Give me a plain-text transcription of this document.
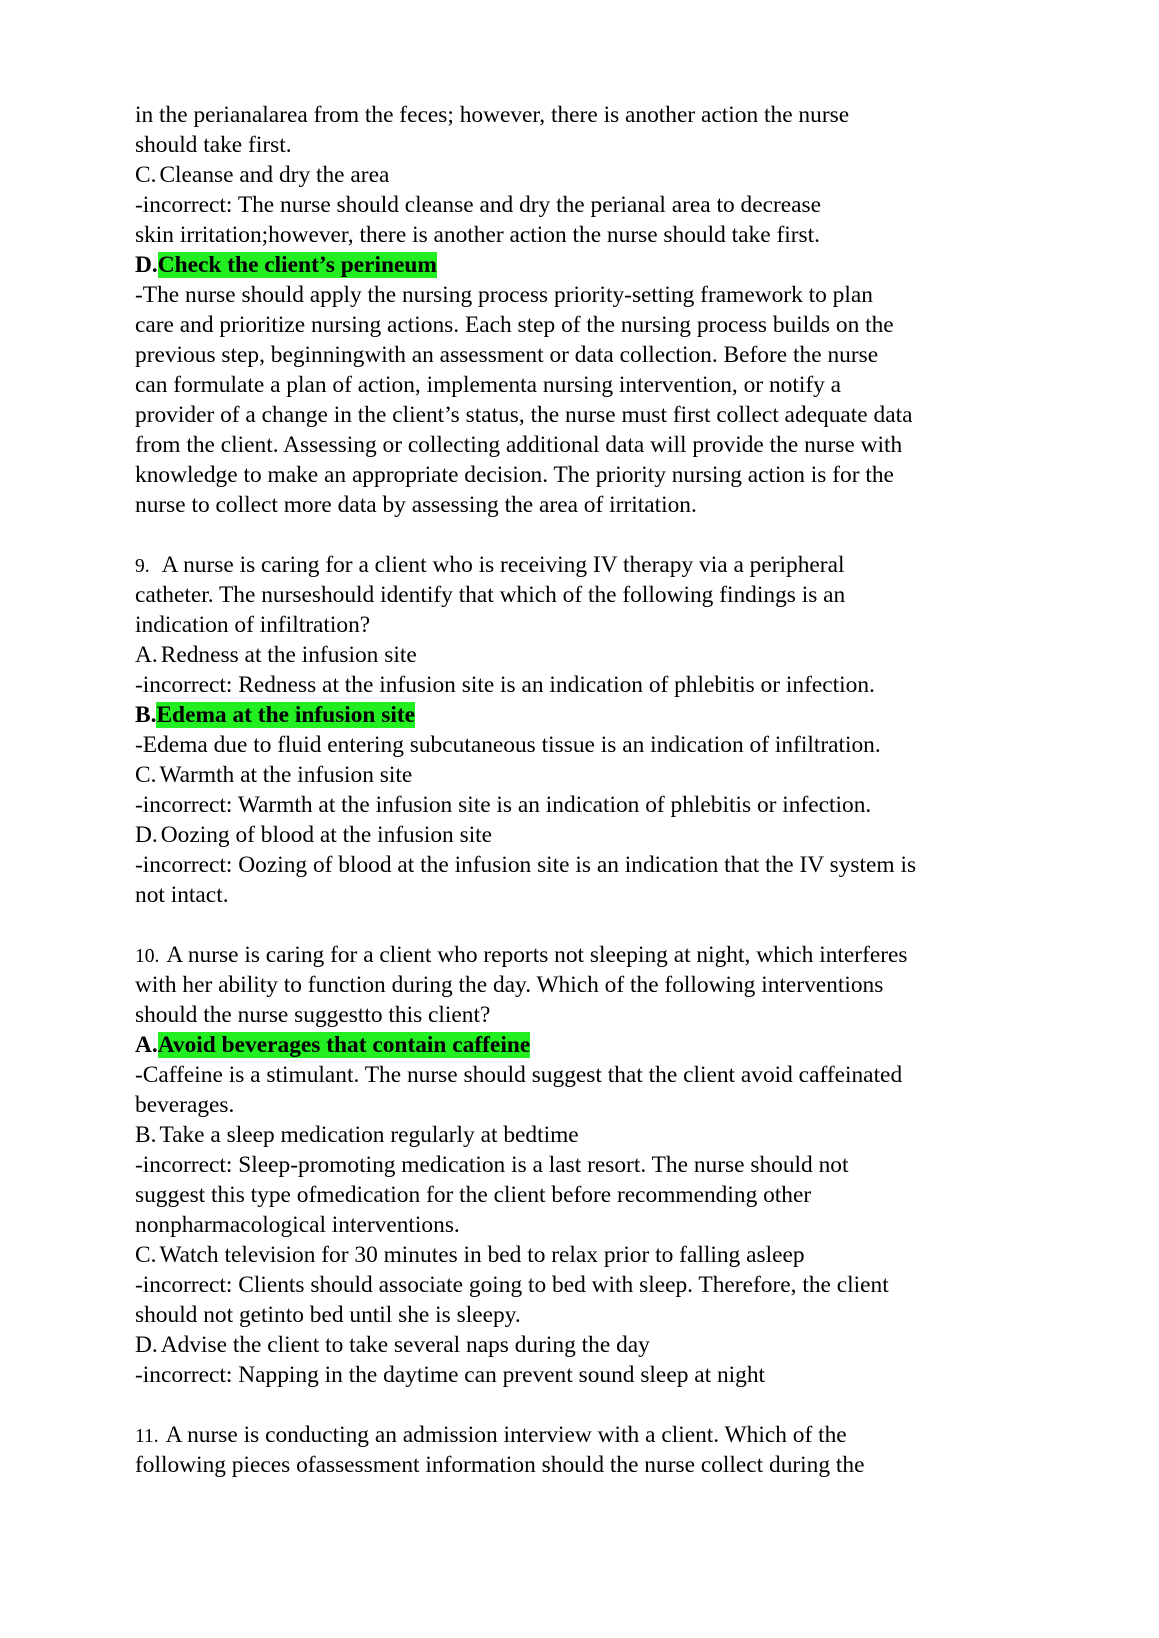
in the perianalarea from the feces; however, there is another action the nurse
should take first.
C. Cleanse and dry the area
-incorrect: The nurse should cleanse and dry the perianal area to decrease
skin irritation;however, there is another action the nurse should take first.
D.Check the client’s perineum
-The nurse should apply the nursing process priority-setting framework to plan
care and prioritize nursing actions. Each step of the nursing process builds on the
previous step, beginningwith an assessment or data collection. Before the nurse
can formulate a plan of action, implementa nursing intervention, or notify a
provider of a change in the client’s status, the nurse must first collect adequate data
from the client. Assessing or collecting additional data will provide the nurse with
knowledge to make an appropriate decision. The priority nursing action is for the
nurse to collect more data by assessing the area of irritation.
9. A nurse is caring for a client who is receiving IV therapy via a peripheral
catheter. The nurseshould identify that which of the following findings is an
indication of infiltration?
A. Redness at the infusion site
-incorrect: Redness at the infusion site is an indication of phlebitis or infection.
B.Edema at the infusion site
-Edema due to fluid entering subcutaneous tissue is an indication of infiltration.
C. Warmth at the infusion site
-incorrect: Warmth at the infusion site is an indication of phlebitis or infection.
D. Oozing of blood at the infusion site
-incorrect: Oozing of blood at the infusion site is an indication that the IV system is
not intact.
10. A nurse is caring for a client who reports not sleeping at night, which interferes
with her ability to function during the day. Which of the following interventions
should the nurse suggestto this client?
A.Avoid beverages that contain caffeine
-Caffeine is a stimulant. The nurse should suggest that the client avoid caffeinated
beverages.
B. Take a sleep medication regularly at bedtime
-incorrect: Sleep-promoting medication is a last resort. The nurse should not
suggest this type ofmedication for the client before recommending other
nonpharmacological interventions.
C. Watch television for 30 minutes in bed to relax prior to falling asleep
-incorrect: Clients should associate going to bed with sleep. Therefore, the client
should not getinto bed until she is sleepy.
D. Advise the client to take several naps during the day
-incorrect: Napping in the daytime can prevent sound sleep at night
11. A nurse is conducting an admission interview with a client. Which of the
following pieces ofassessment information should the nurse collect during the
